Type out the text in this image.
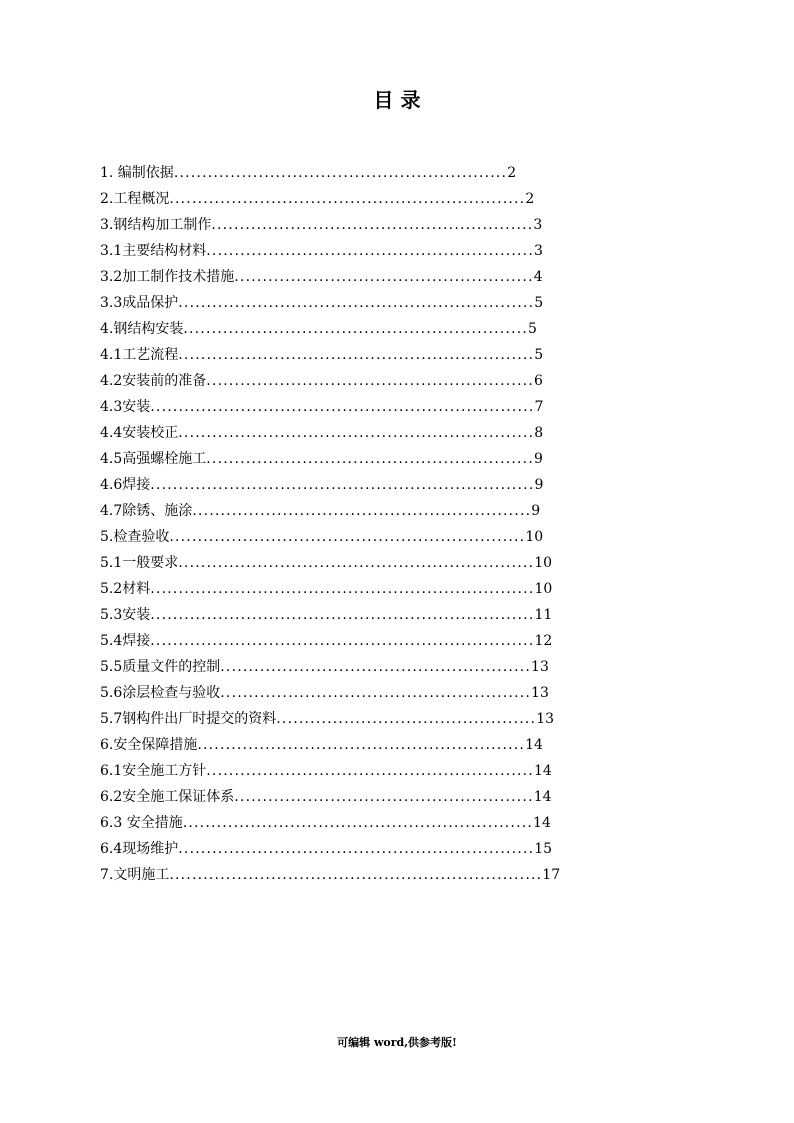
目 录
1. 编制依据...........................................................2
2.工程概况...............................................................2
3.钢结构加工制作.........................................................3
3.1主要结构材料..........................................................3
3.2加工制作技术措施.....................................................4
3.3成品保护...............................................................5
4.钢结构安装.............................................................5
4.1工艺流程...............................................................5
4.2安装前的准备..........................................................6
4.3安装....................................................................7
4.4安装校正...............................................................8
4.5高强螺栓施工..........................................................9
4.6焊接....................................................................9
4.7除锈、施涂............................................................9
5.检查验收...............................................................10
5.1一般要求...............................................................10
5.2材料....................................................................10
5.3安装....................................................................11
5.4焊接....................................................................12
5.5质量文件的控制.......................................................13
5.6涂层检查与验收.......................................................13
5.7钢构件出厂时提交的资料..............................................13
6.安全保障措施..........................................................14
6.1安全施工方针..........................................................14
6.2安全施工保证体系.....................................................14
6.3 安全措施..............................................................14
6.4现场维护...............................................................15
7.文明施工..................................................................17
可编辑 word,供参考版!
